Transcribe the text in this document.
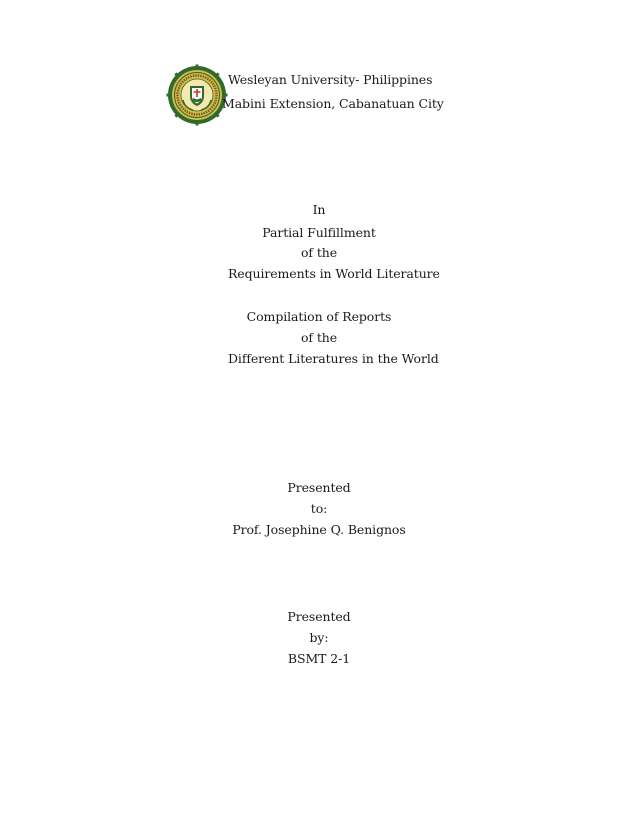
Wesleyan University- Philippines
Mabini Extension, Cabanatuan City
In
Partial Fulfillment
of the
Requirements in World Literature
Compilation of Reports
of the
Different Literatures in the World
Presented
to:
Prof. Josephine Q. Benignos
Presented
by:
BSMT 2-1
